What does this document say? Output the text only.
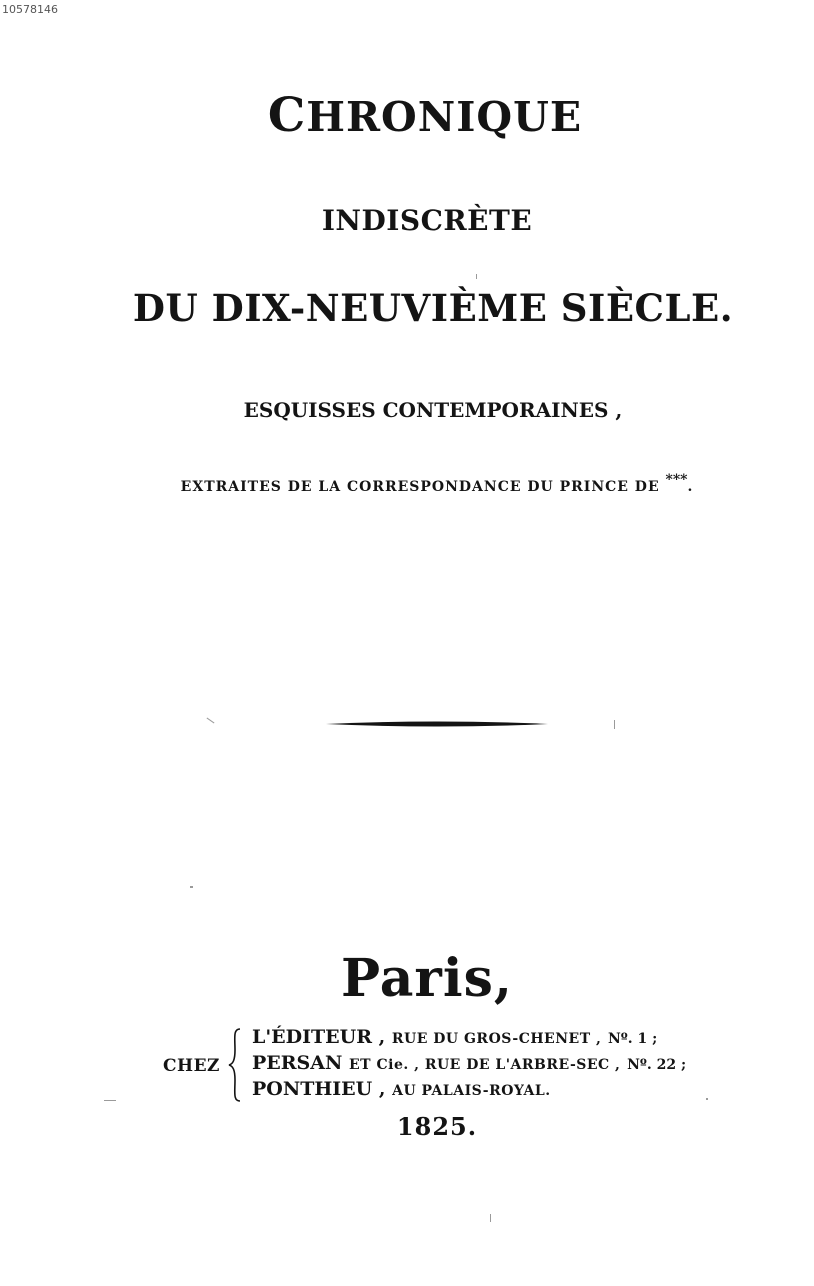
10578146
CHRONIQUE
INDISCRÈTE
DU DIX-NEUVIÈME SIÈCLE.
ESQUISSES CONTEMPORAINES ,
EXTRAITES DE LA CORRESPONDANCE DU PRINCE DE ***.
Paris,
CHEZ
L'ÉDITEUR , RUE DU GROS-CHENET , Nº. 1 ;
PERSAN ET Cie. , RUE DE L'ARBRE-SEC , Nº. 22 ;
PONTHIEU , AU PALAIS-ROYAL.
1825.
